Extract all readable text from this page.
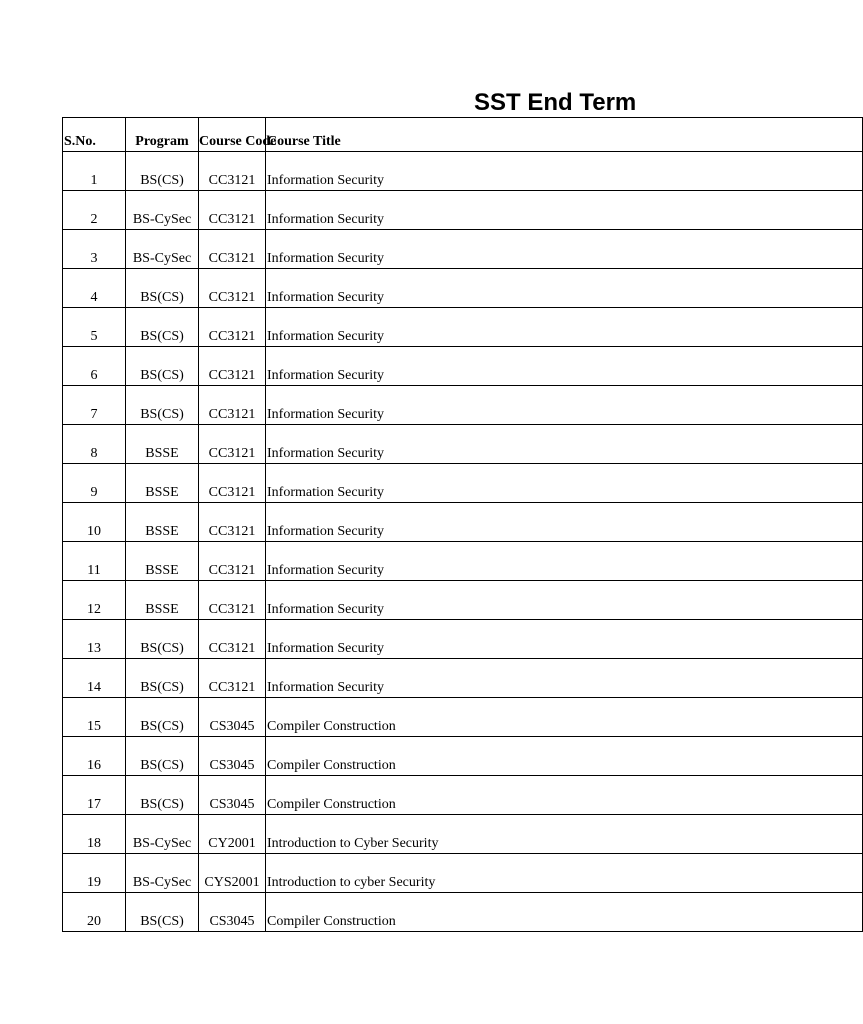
SST End Term
S.No.	Program	Course Code	Course Title
1	BS(CS)	CC3121	Information Security
2	BS-CySec	CC3121	Information Security
3	BS-CySec	CC3121	Information Security
4	BS(CS)	CC3121	Information Security
5	BS(CS)	CC3121	Information Security
6	BS(CS)	CC3121	Information Security
7	BS(CS)	CC3121	Information Security
8	BSSE	CC3121	Information Security
9	BSSE	CC3121	Information Security
10	BSSE	CC3121	Information Security
11	BSSE	CC3121	Information Security
12	BSSE	CC3121	Information Security
13	BS(CS)	CC3121	Information Security
14	BS(CS)	CC3121	Information Security
15	BS(CS)	CS3045	Compiler Construction
16	BS(CS)	CS3045	Compiler Construction
17	BS(CS)	CS3045	Compiler Construction
18	BS-CySec	CY2001	Introduction to Cyber Security
19	BS-CySec	CYS2001	Introduction to cyber Security
20	BS(CS)	CS3045	Compiler Construction
